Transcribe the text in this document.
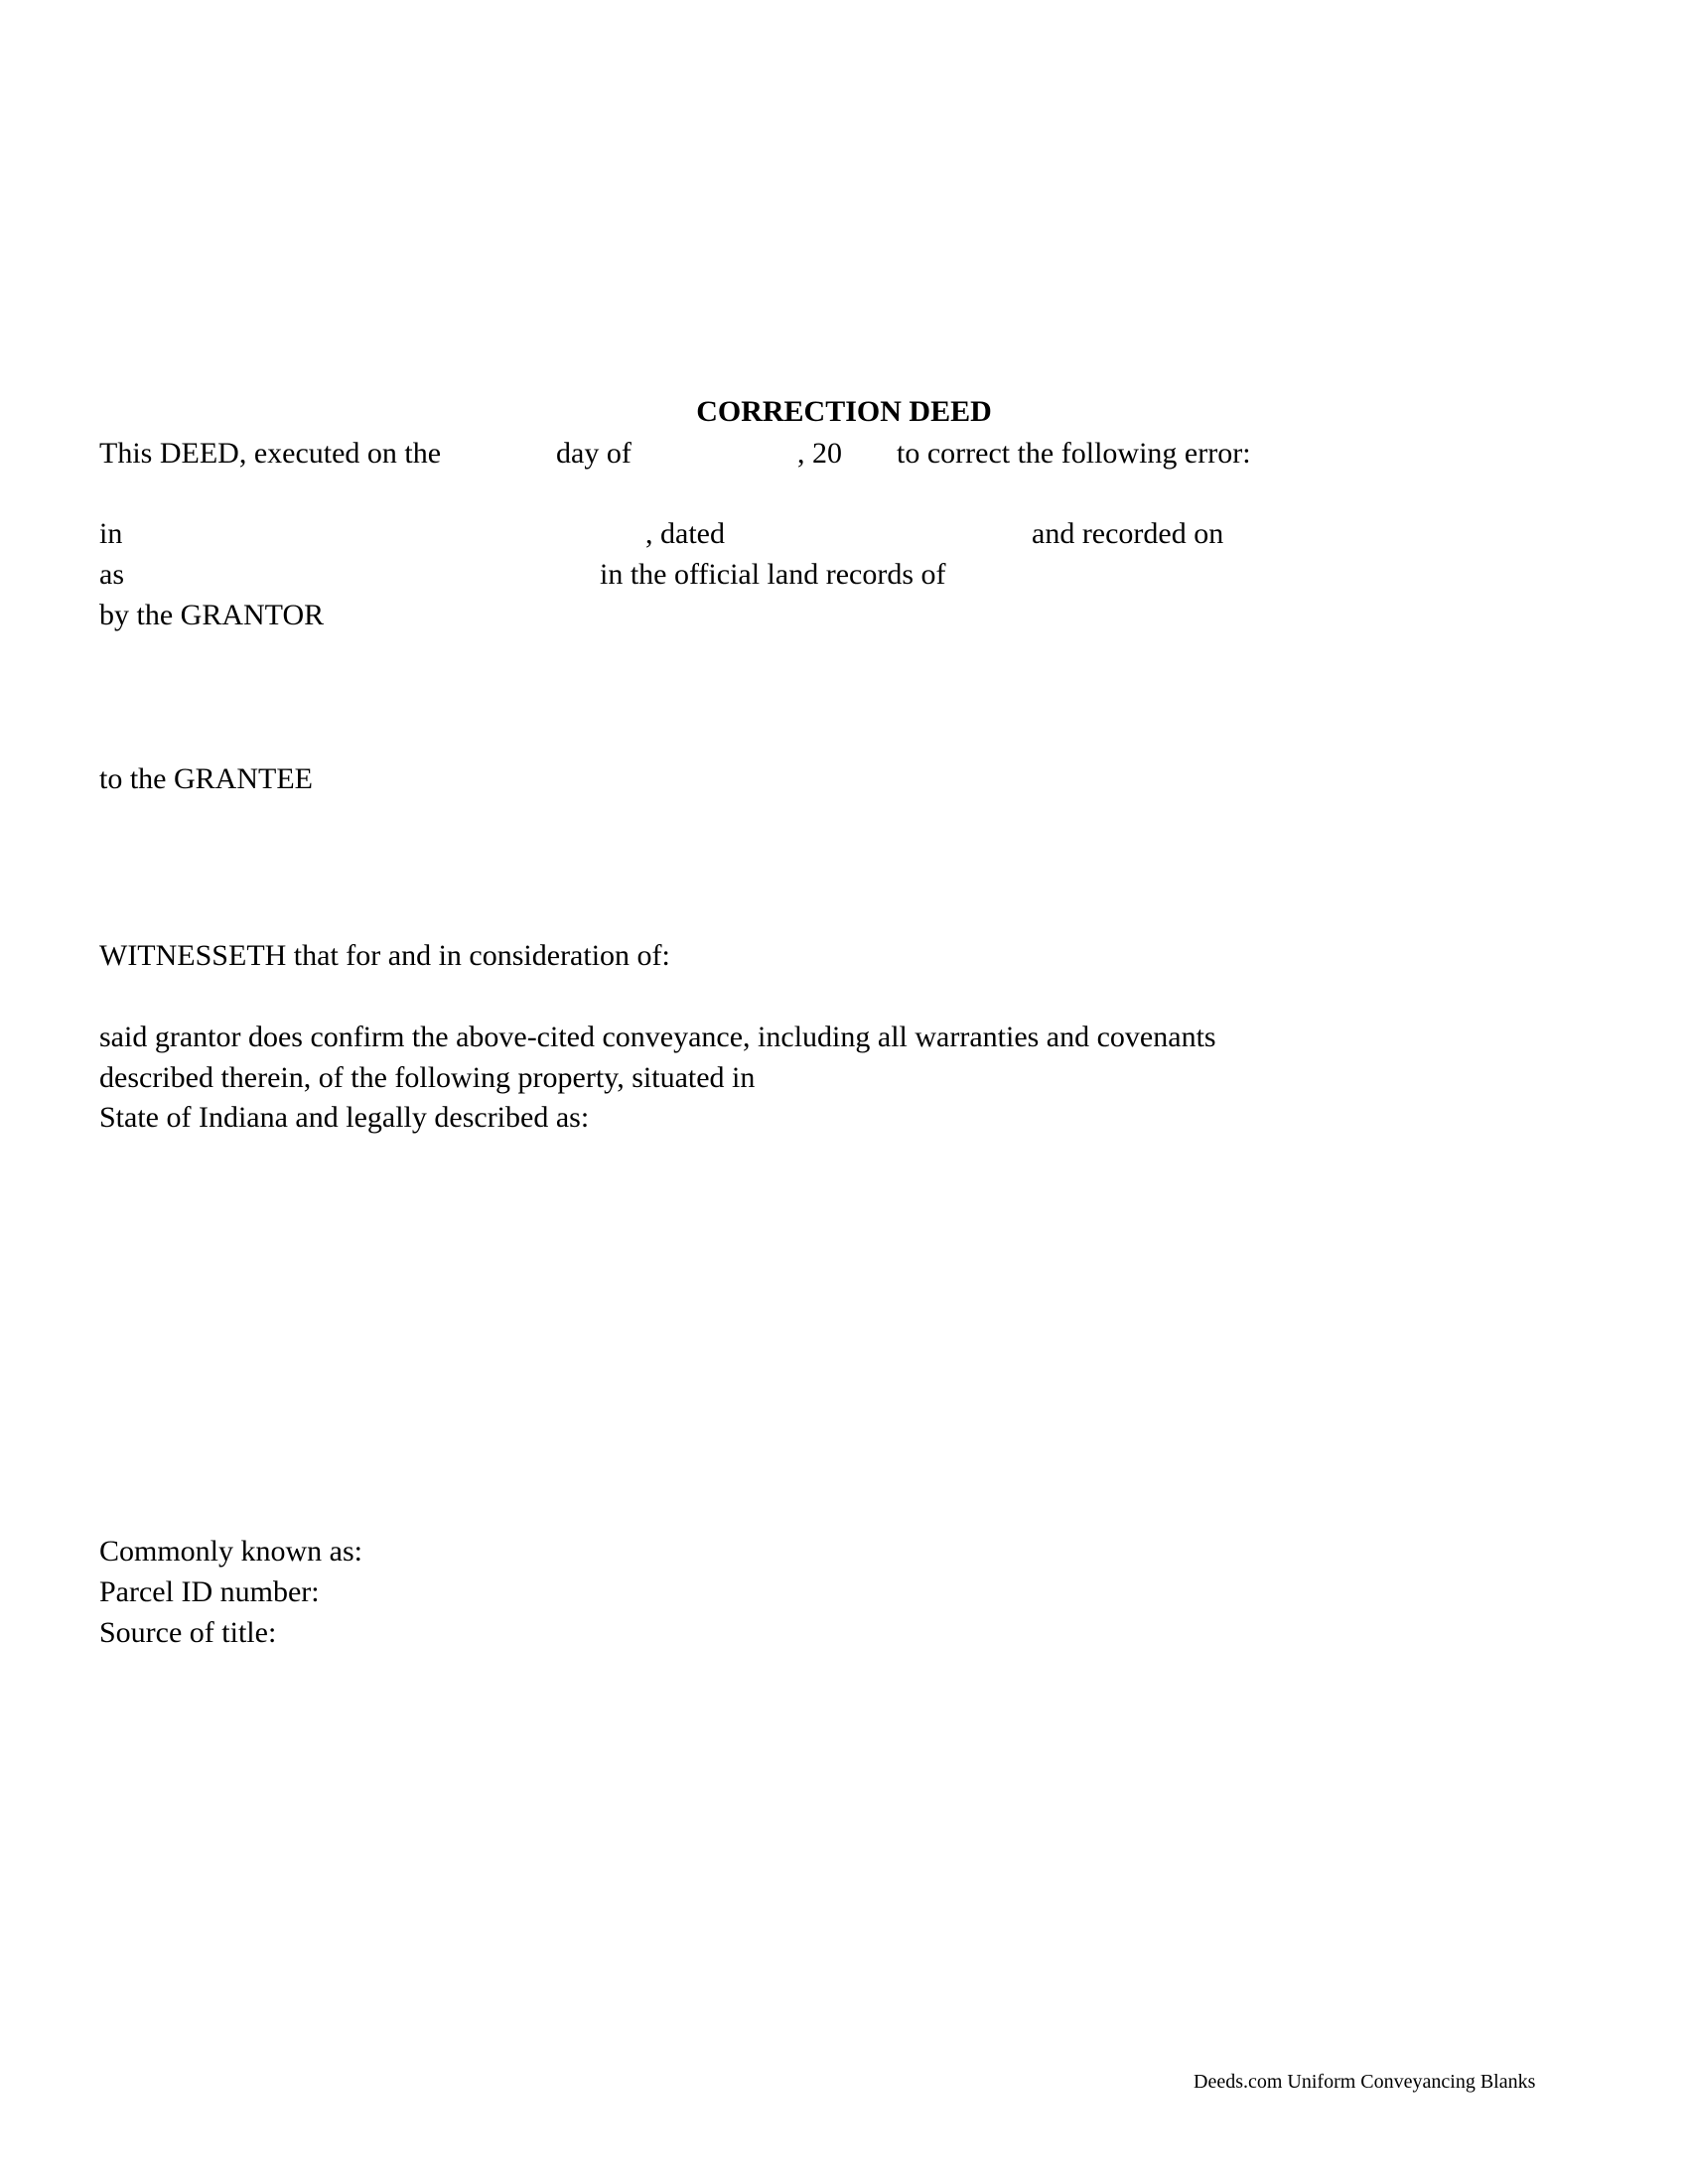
CORRECTION DEED
This DEED, executed on the	day of	, 20 to correct the following error:
in	, dated	and recorded on
as	in the official land records of
by the GRANTOR
to the GRANTEE
WITNESSETH that for and in consideration of:
said grantor does confirm the above-cited conveyance, including all warranties and covenants
described therein, of the following property, situated in
State of Indiana and legally described as:
Commonly known as:
Parcel ID number:
Source of title:
Deeds.com Uniform Conveyancing Blanks
